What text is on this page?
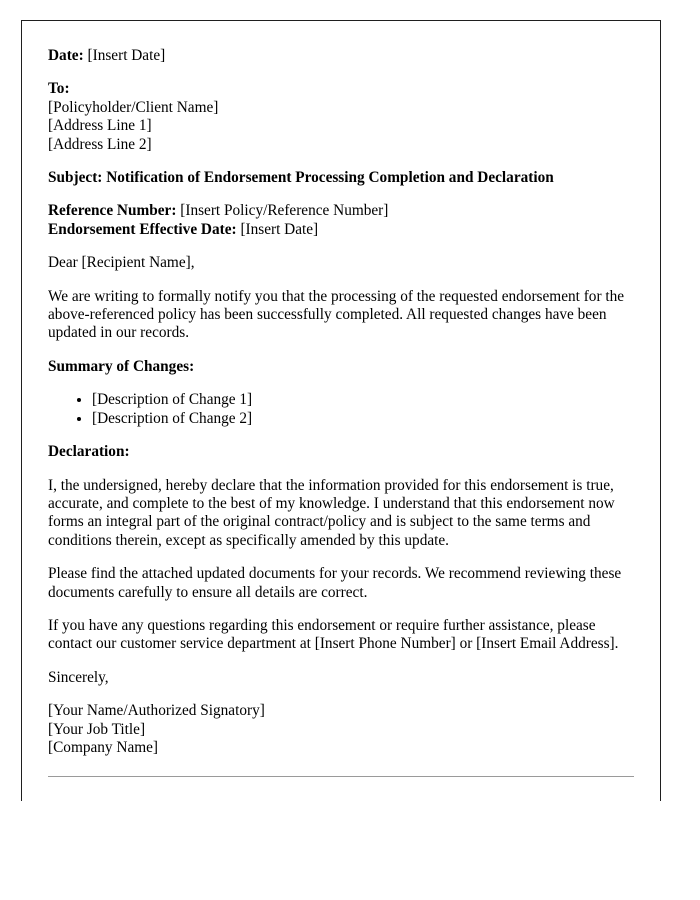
Date: [Insert Date]

To:
[Policyholder/Client Name]
[Address Line 1]
[Address Line 2]

Subject: Notification of Endorsement Processing Completion and Declaration

Reference Number: [Insert Policy/Reference Number]
Endorsement Effective Date: [Insert Date]

Dear [Recipient Name],

We are writing to formally notify you that the processing of the requested endorsement for the above-referenced policy has been successfully completed. All requested changes have been updated in our records.

Summary of Changes:

• [Description of Change 1]
• [Description of Change 2]

Declaration:

I, the undersigned, hereby declare that the information provided for this endorsement is true, accurate, and complete to the best of my knowledge. I understand that this endorsement now forms an integral part of the original contract/policy and is subject to the same terms and conditions therein, except as specifically amended by this update.

Please find the attached updated documents for your records. We recommend reviewing these documents carefully to ensure all details are correct.

If you have any questions regarding this endorsement or require further assistance, please contact our customer service department at [Insert Phone Number] or [Insert Email Address].

Sincerely,

[Your Name/Authorized Signatory]
[Your Job Title]
[Company Name]
